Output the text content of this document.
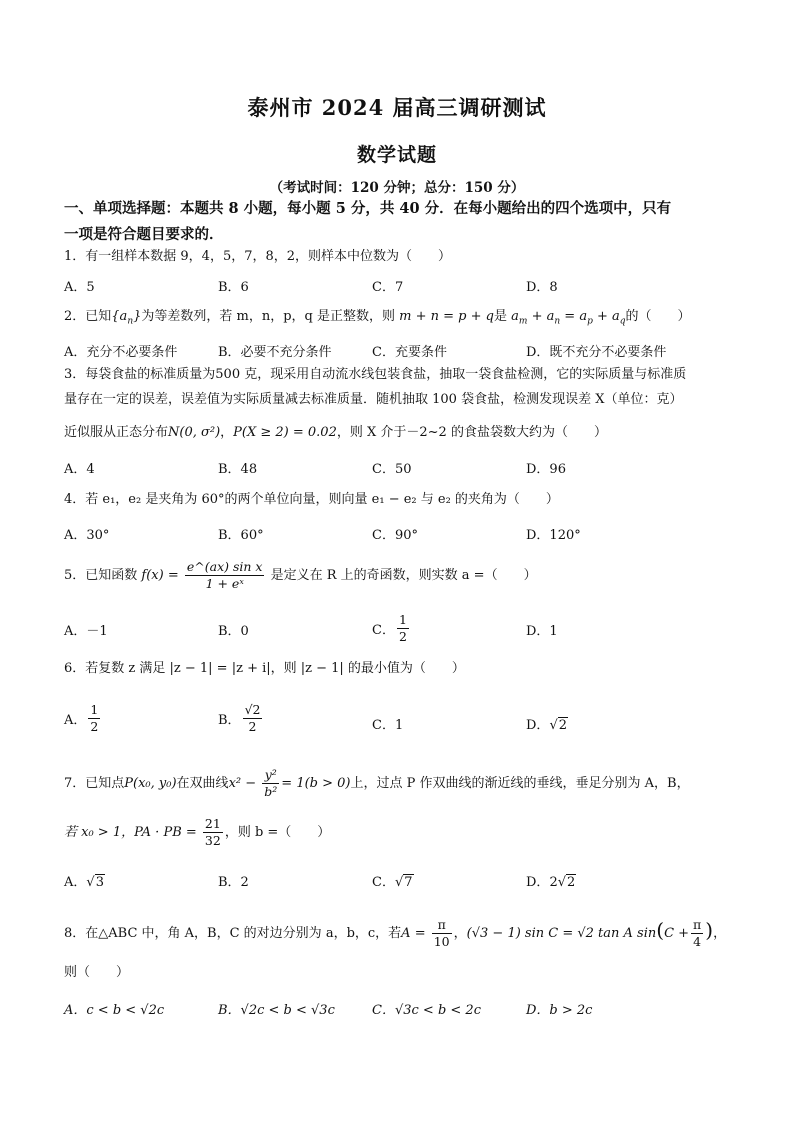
泰州市 2024 届高三调研测试
数学试题
（考试时间：120 分钟；总分：150 分）
一、单项选择题：本题共 8 小题，每小题 5 分，共 40 分．在每小题给出的四个选项中，只有
一项是符合题目要求的．
1．有一组样本数据 9，4，5，7，8，2，则样本中位数为（　　）
A．5	B．6	C．7	D．8
2．已知$\{a_n\}$为等差数列，若 m，n，p，q 是正整数，则 m + n = p + q是 $a_m + a_n = a_p + a_q$的（　　）
A．充分不必要条件	B．必要不充分条件	C．充要条件	D．既不充分不必要条件
3．每袋食盐的标准质量为500 克，现采用自动流水线包装食盐，抽取一袋食盐检测，它的实际质量与标准质
量存在一定的误差，误差值为实际质量减去标准质量．随机抽取 100 袋食盐，检测发现误差 X（单位：克）
近似服从正态分布N(0, σ²)，P(X ≥ 2) = 0.02，则 X 介于－2~2 的食盐袋数大约为（　　）
A．4	B．48	C．50	D．96
4．若 e₁，e₂ 是夹角为 60°的两个单位向量，则向量 e₁ − e₂ 与 e₂ 的夹角为（　　）
A．30°	B．60°	C．90°	D．120°
5．已知函数 $f(x) = \frac{\text{e\textasciicircum{}(ax) sin x}}{\text{1 + eˣ}}$ 是定义在 R 上的奇函数，则实数 a =（　　）
A．－1	B．0	C． $\frac{1}{2}$	D．1
6．若复数 z 满足 |z − 1| = |z + i|，则 |z − 1| 的最小值为（　　）
A． $\frac{1}{2}$	B． $\frac{√2}{2}$	C．1	D．√2
7．已知点P(x₀, y₀)在双曲线$x^2 - \frac{\text{y²}}{\text{b²}} = 1(b > 0)$上，过点 P 作双曲线的渐近线的垂线，垂足分别为 A，B，
若 x₀ > 1，PA · PB = $\frac{21}{32}$ ，则 b =（　　）
A．√3	B．2	C．√7	D．2√2
8．在△ABC 中，角 A，B，C 的对边分别为 a，b，c，若$A = \frac{\pi}{10}$ ，(√3 − 1) sin C = √2 tan A $\sin(C + \frac{\pi}{4}$ )，
则（　　）
A．c < b < √2c	B．√2c < b < √3c	C．√3c < b < 2c	D．b > 2c
